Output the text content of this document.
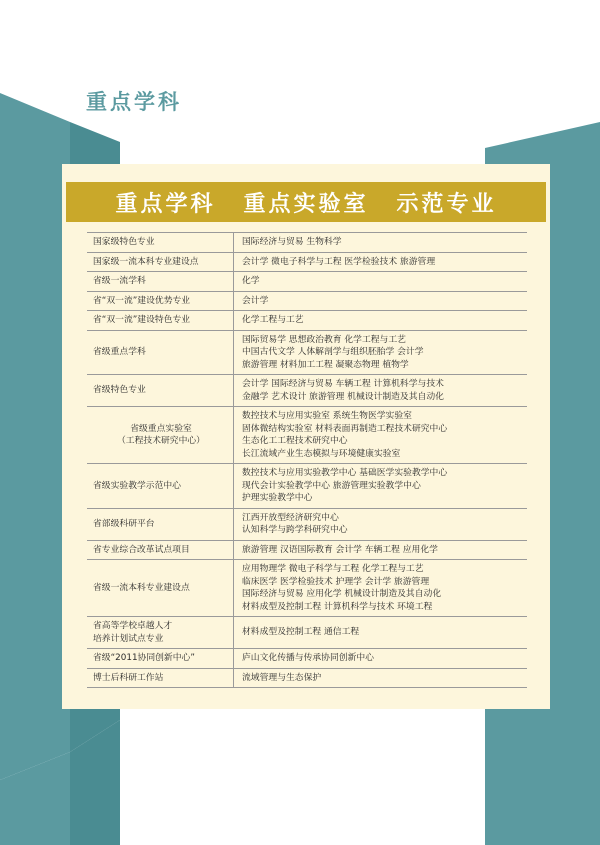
重点学科
重点学科 重点实验室 示范专业
国家级特色专业	国际经济与贸易 生物科学

国家级一流本科专业建设点	会计学 微电子科学与工程 医学检验技术 旅游管理

省级一流学科	化学

省“双一流”建设优势专业	会计学

省“双一流”建设特色专业	化学工程与工艺

省级重点学科	国际贸易学 思想政治教育 化学工程与工艺
中国古代文学 人体解剖学与组织胚胎学 会计学
旅游管理 材料加工工程 凝聚态物理 植物学

省级特色专业	会计学 国际经济与贸易 车辆工程 计算机科学与技术
金融学 艺术设计 旅游管理 机械设计制造及其自动化

省级重点实验室
（工程技术研究中心）	数控技术与应用实验室 系统生物医学实验室
固体微结构实验室 材料表面再制造工程技术研究中心
生态化工工程技术研究中心
长江流域产业生态模拟与环境健康实验室

省级实验教学示范中心	数控技术与应用实验教学中心 基础医学实验教学中心
现代会计实验教学中心 旅游管理实验教学中心
护理实验教学中心

省部级科研平台	江西开放型经济研究中心
认知科学与跨学科研究中心

省专业综合改革试点项目	旅游管理 汉语国际教育 会计学 车辆工程 应用化学

省级一流本科专业建设点	应用物理学 微电子科学与工程 化学工程与工艺
临床医学 医学检验技术 护理学 会计学 旅游管理
国际经济与贸易 应用化学 机械设计制造及其自动化
材料成型及控制工程 计算机科学与技术 环境工程

省高等学校卓越人才
培养计划试点专业	材料成型及控制工程 通信工程

省级“2011协同创新中心”	庐山文化传播与传承协同创新中心

博士后科研工作站	流域管理与生态保护
